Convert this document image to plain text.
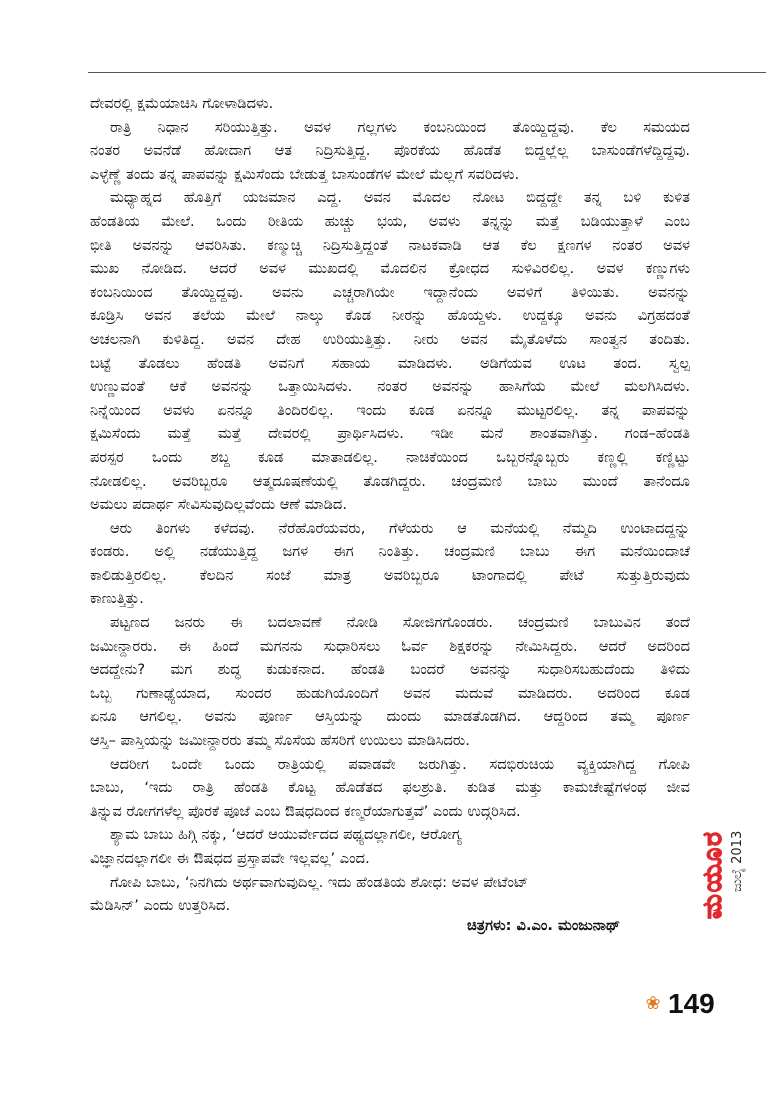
ದೇವರಲ್ಲಿ ಕ್ಷಮೆಯಾಚಿಸಿ ಗೋಳಾಡಿದಳು.
ರಾತ್ರಿ ನಿಧಾನ ಸರಿಯುತ್ತಿತ್ತು. ಅವಳ ಗಲ್ಲಗಳು ಕಂಬನಿಯಿಂದ ತೊಯ್ದಿದ್ದವು. ಕೆಲ ಸಮಯದ
ನಂತರ ಅವನೆಡೆ ಹೋದಾಗ ಆತ ನಿದ್ರಿಸುತ್ತಿದ್ದ. ಪೊರಕೆಯ ಹೊಡೆತ ಬಿದ್ದಲ್ಲೆಲ್ಲ ಬಾಸುಂಡೆಗಳೆದ್ದಿದ್ದವು.
ಎಳ್ಳೆಣ್ಣೆ ತಂದು ತನ್ನ ಪಾಪವನ್ನು ಕ್ಷಮಿಸೆಂದು ಬೇಡುತ್ತ ಬಾಸುಂಡೆಗಳ ಮೇಲೆ ಮೆಲ್ಲಗೆ ಸವರಿದಳು.
ಮಧ್ಯಾಹ್ನದ ಹೊತ್ತಿಗೆ ಯಜಮಾನ ಎದ್ದ. ಅವನ ಮೊದಲ ನೋಟ ಬಿದ್ದದ್ದೇ ತನ್ನ ಬಳಿ ಕುಳಿತ
ಹೆಂಡತಿಯ ಮೇಲೆ. ಒಂದು ರೀತಿಯ ಹುಚ್ಚು ಭಯ, ಅವಳು ತನ್ನನ್ನು ಮತ್ತೆ ಬಡಿಯುತ್ತಾಳೆ ಎಂಬ
ಭೀತಿ ಅವನನ್ನು ಆವರಿಸಿತು. ಕಣ್ಮುಚ್ಚಿ ನಿದ್ರಿಸುತ್ತಿದ್ದಂತೆ ನಾಟಕವಾಡಿ ಆತ ಕೆಲ ಕ್ಷಣಗಳ ನಂತರ ಅವಳ
ಮುಖ ನೋಡಿದ. ಆದರೆ ಅವಳ ಮುಖದಲ್ಲಿ ಮೊದಲಿನ ಕ್ರೋಧದ ಸುಳಿವಿರಲಿಲ್ಲ. ಅವಳ ಕಣ್ಣುಗಳು
ಕಂಬನಿಯಿಂದ ತೊಯ್ದಿದ್ದವು. ಅವನು ಎಚ್ಚರಾಗಿಯೇ ಇದ್ದಾನೆಂದು ಅವಳಿಗೆ ತಿಳಿಯಿತು. ಅವನನ್ನು
ಕೂಡ್ರಿಸಿ ಅವನ ತಲೆಯ ಮೇಲೆ ನಾಲ್ಕು ಕೊಡ ನೀರನ್ನು ಹೊಯ್ದಳು. ಉದ್ದಕ್ಕೂ ಅವನು ವಿಗ್ರಹದಂತೆ
ಅಚಲನಾಗಿ ಕುಳಿತಿದ್ದ. ಅವನ ದೇಹ ಉರಿಯುತ್ತಿತ್ತು. ನೀರು ಅವನ ಮೈತೊಳೆದು ಸಾಂತ್ವನ ತಂದಿತು.
ಬಟ್ಟೆ ತೊಡಲು ಹೆಂಡತಿ ಅವನಿಗೆ ಸಹಾಯ ಮಾಡಿದಳು. ಅಡಿಗೆಯವ ಊಟ ತಂದ. ಸ್ವಲ್ಪ
ಉಣ್ಣುವಂತೆ ಆಕೆ ಅವನನ್ನು ಒತ್ತಾಯಿಸಿದಳು. ನಂತರ ಅವನನ್ನು ಹಾಸಿಗೆಯ ಮೇಲೆ ಮಲಗಿಸಿದಳು.
ನಿನ್ನೆಯಿಂದ ಅವಳು ಏನನ್ನೂ ತಿಂದಿರಲಿಲ್ಲ. ಇಂದು ಕೂಡ ಏನನ್ನೂ ಮುಟ್ಟರಲಿಲ್ಲ. ತನ್ನ ಪಾಪವನ್ನು
ಕ್ಷಮಿಸೆಂದು ಮತ್ತೆ ಮತ್ತೆ ದೇವರಲ್ಲಿ ಪ್ರಾರ್ಥಿಸಿದಳು. ಇಡೀ ಮನೆ ಶಾಂತವಾಗಿತ್ತು. ಗಂಡ–ಹೆಂಡತಿ
ಪರಸ್ಪರ ಒಂದು ಶಬ್ದ ಕೂಡ ಮಾತಾಡಲಿಲ್ಲ. ನಾಚಿಕೆಯಿಂದ ಒಬ್ಬರನ್ನೊಬ್ಬರು ಕಣ್ಣಲ್ಲಿ ಕಣ್ಣಿಟ್ಟು
ನೋಡಲಿಲ್ಲ. ಅವರಿಬ್ಬರೂ ಆತ್ಮದೂಷಣೆಯಲ್ಲಿ ತೊಡಗಿದ್ದರು. ಚಂದ್ರಮಣಿ ಬಾಬು ಮುಂದೆ ತಾನೆಂದೂ
ಅಮಲು ಪದಾರ್ಥ ಸೇವಿಸುವುದಿಲ್ಲವೆಂದು ಆಣೆ ಮಾಡಿದ.
ಆರು ತಿಂಗಳು ಕಳೆದವು. ನೆರೆಹೊರೆಯವರು, ಗೆಳೆಯರು ಆ ಮನೆಯಲ್ಲಿ ನೆಮ್ಮದಿ ಉಂಟಾದದ್ದನ್ನು
ಕಂಡರು. ಅಲ್ಲಿ ನಡೆಯುತ್ತಿದ್ದ ಜಗಳ ಈಗ ನಿಂತಿತ್ತು. ಚಂದ್ರಮಣಿ ಬಾಬು ಈಗ ಮನೆಯಿಂದಾಚೆ
ಕಾಲಿಡುತ್ತಿರಲಿಲ್ಲ. ಕೆಲದಿನ ಸಂಜೆ ಮಾತ್ರ ಅವರಿಬ್ಬರೂ ಟಾಂಗಾದಲ್ಲಿ ಪೇಟೆ ಸುತ್ತುತ್ತಿರುವುದು
ಕಾಣುತ್ತಿತ್ತು.
ಪಟ್ಟಣದ ಜನರು ಈ ಬದಲಾವಣೆ ನೋಡಿ ಸೋಜಿಗಗೊಂಡರು. ಚಂದ್ರಮಣಿ ಬಾಬುವಿನ ತಂದೆ
ಜಮೀನ್ದಾರರು. ಈ ಹಿಂದೆ ಮಗನನು ಸುಧಾರಿಸಲು ಓರ್ವ ಶಿಕ್ಷಕರನ್ನು ನೇಮಿಸಿದ್ದರು. ಆದರೆ ಅದರಿಂದ
ಆದದ್ದೇನು? ಮಗ ಶುದ್ಧ ಕುಡುಕನಾದ. ಹೆಂಡತಿ ಬಂದರೆ ಅವನನ್ನು ಸುಧಾರಿಸಬಹುದೆಂದು ತಿಳಿದು
ಒಬ್ಬ ಗುಣಾಢ್ಯೆಯಾದ, ಸುಂದರ ಹುಡುಗಿಯೊಂದಿಗೆ ಅವನ ಮದುವೆ ಮಾಡಿದರು. ಅದರಿಂದ ಕೂಡ
ಏನೂ ಆಗಲಿಲ್ಲ. ಅವನು ಪೂರ್ಣ ಆಸ್ತಿಯನ್ನು ದುಂದು ಮಾಡತೊಡಗಿದ. ಆದ್ದರಿಂದ ತಮ್ಮ ಪೂರ್ಣ
ಆಸ್ತಿ– ಪಾಸ್ತಿಯನ್ನು ಜಮೀನ್ದಾರರು ತಮ್ಮ ಸೊಸೆಯ ಹೆಸರಿಗೆ ಉಯಿಲು ಮಾಡಿಸಿದರು.
ಆದರೀಗ ಒಂದೇ ಒಂದು ರಾತ್ರಿಯಲ್ಲಿ ಪವಾಡವೇ ಜರುಗಿತ್ತು. ಸದಭಿರುಚಿಯ ವ್ಯಕ್ತಿಯಾಗಿದ್ದ ಗೋಪಿ
ಬಾಬು, ‘ಇದು ರಾತ್ರಿ ಹೆಂಡತಿ ಕೊಟ್ಟ ಹೊಡೆತದ ಫಲಶ್ರುತಿ. ಕುಡಿತ ಮತ್ತು ಕಾಮಚೇಷ್ಟೆಗಳಂಥ ಜೀವ
ತಿನ್ನುವ ರೋಗಗಳೆಲ್ಲ ಪೊರಕೆ ಪೂಜೆ ಎಂಬ ಔಷಧದಿಂದ ಕಣ್ಮರೆಯಾಗುತ್ತವೆ’ ಎಂದು ಉದ್ಗರಿಸಿದ.
ಶ್ಯಾಮ ಬಾಬು ಹಿಗ್ಗಿ ನಕ್ಕು, ‘ಆದರೆ ಆಯುರ್ವೇದದ ಪಥ್ಯದಲ್ಲಾಗಲೀ, ಆರೋಗ್ಯ
ವಿಜ್ಞಾನದಲ್ಲಾಗಲೀ ಈ ಔಷಧದ ಪ್ರಸ್ತಾಪವೇ ಇಲ್ಲವಲ್ಲ’ ಎಂದ.
ಗೋಪಿ ಬಾಬು, ‘ನಿನಗಿದು ಅರ್ಥವಾಗುವುದಿಲ್ಲ. ಇದು ಹೆಂಡತಿಯ ಶೋಧ: ಅವಳ ಪೇಟೆಂಟ್
ಮೆಡಿಸಿನ್’ ಎಂದು ಉತ್ತರಿಸಿದ.
ಚಿತ್ರಗಳು: ವಿ.ಎಂ. ಮಂಜುನಾಥ್
ಮಯೂರ ಜುಲೈ 2013
❀ 149
